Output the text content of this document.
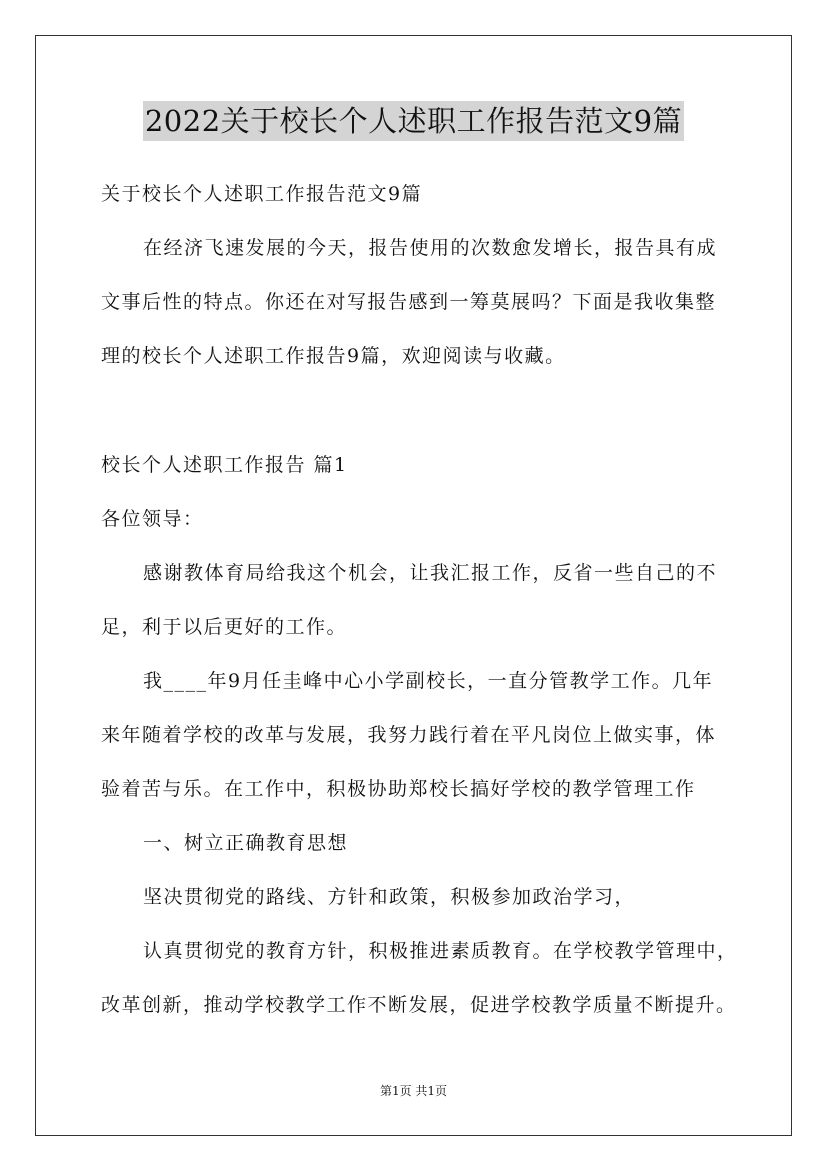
2022关于校长个人述职工作报告范文9篇
关于校长个人述职工作报告范文9篇
在经济飞速发展的今天，报告使用的次数愈发增长，报告具有成
文事后性的特点。你还在对写报告感到一筹莫展吗？下面是我收集整
理的校长个人述职工作报告9篇，欢迎阅读与收藏。
校长个人述职工作报告 篇1
各位领导：
感谢教体育局给我这个机会，让我汇报工作，反省一些自己的不
足，利于以后更好的工作。
我____年9月任圭峰中心小学副校长，一直分管教学工作。几年
来年随着学校的改革与发展，我努力践行着在平凡岗位上做实事，体
验着苦与乐。在工作中，积极协助郑校长搞好学校的教学管理工作
一、树立正确教育思想
坚决贯彻党的路线、方针和政策，积极参加政治学习，
认真贯彻党的教育方针，积极推进素质教育。在学校教学管理中，
改革创新，推动学校教学工作不断发展，促进学校教学质量不断提升。
第1页 共1页
